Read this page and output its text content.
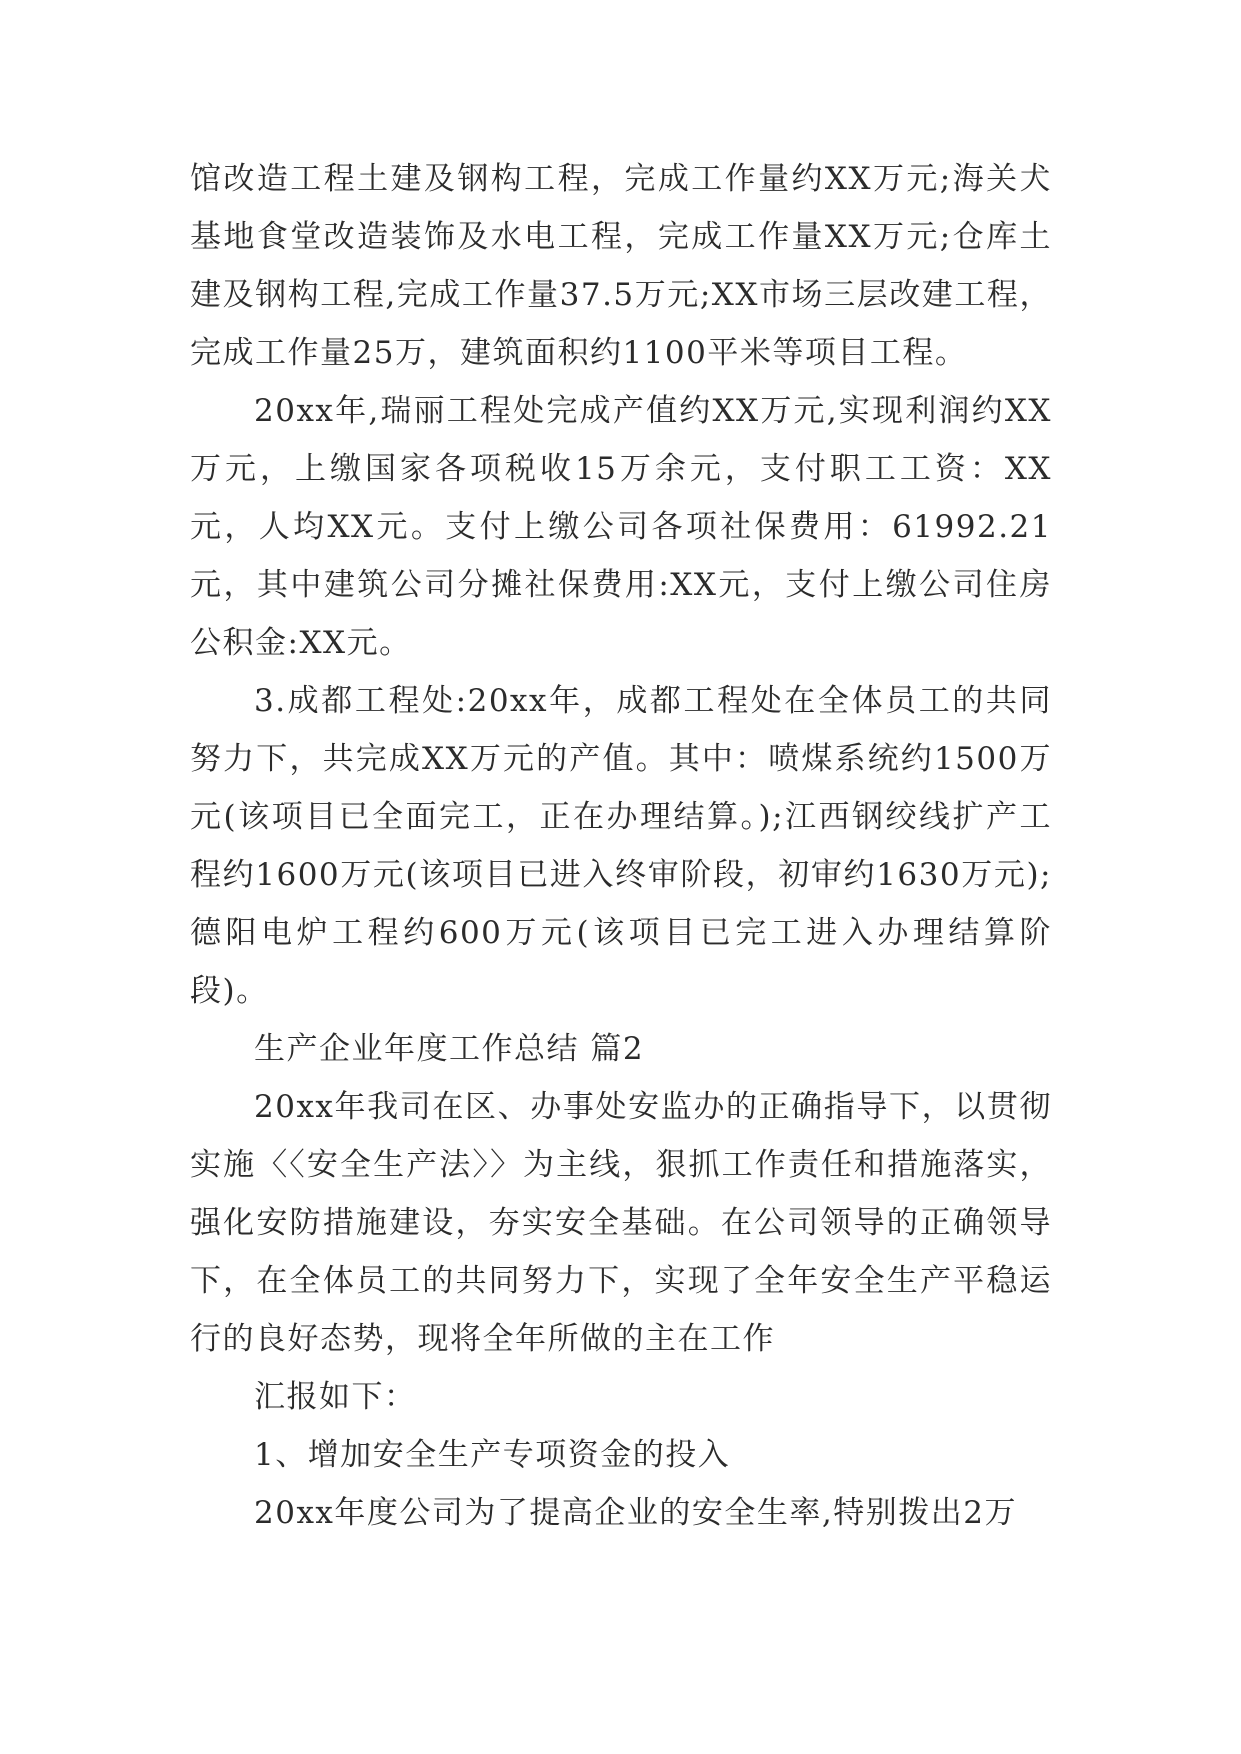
馆改造工程土建及钢构工程，完成工作量约XX万元;海关犬基地食堂改造装饰及水电工程，完成工作量XX万元;仓库土建及钢构工程,完成工作量37.5万元;XX市场三层改建工程，完成工作量25万，建筑面积约1100平米等项目工程。

20xx年,瑞丽工程处完成产值约XX万元,实现利润约XX万元，上缴国家各项税收15万余元，支付职工工资：XX元，人均XX元。支付上缴公司各项社保费用：61992.21元，其中建筑公司分摊社保费用:XX元，支付上缴公司住房公积金:XX元。

3.成都工程处:20xx年，成都工程处在全体员工的共同努力下，共完成XX万元的产值。其中：喷煤系统约1500万元(该项目已全面完工，正在办理结算。);江西钢绞线扩产工程约1600万元(该项目已进入终审阶段，初审约1630万元);德阳电炉工程约600万元(该项目已完工进入办理结算阶段)。

生产企业年度工作总结 篇2

20xx年我司在区、办事处安监办的正确指导下，以贯彻实施〈〈安全生产法〉〉为主线，狠抓工作责任和措施落实，强化安防措施建设，夯实安全基础。在公司领导的正确领导下，在全体员工的共同努力下，实现了全年安全生产平稳运行的良好态势，现将全年所做的主在工作

汇报如下：

1、增加安全生产专项资金的投入

20xx年度公司为了提高企业的安全生率,特别拨出2万
